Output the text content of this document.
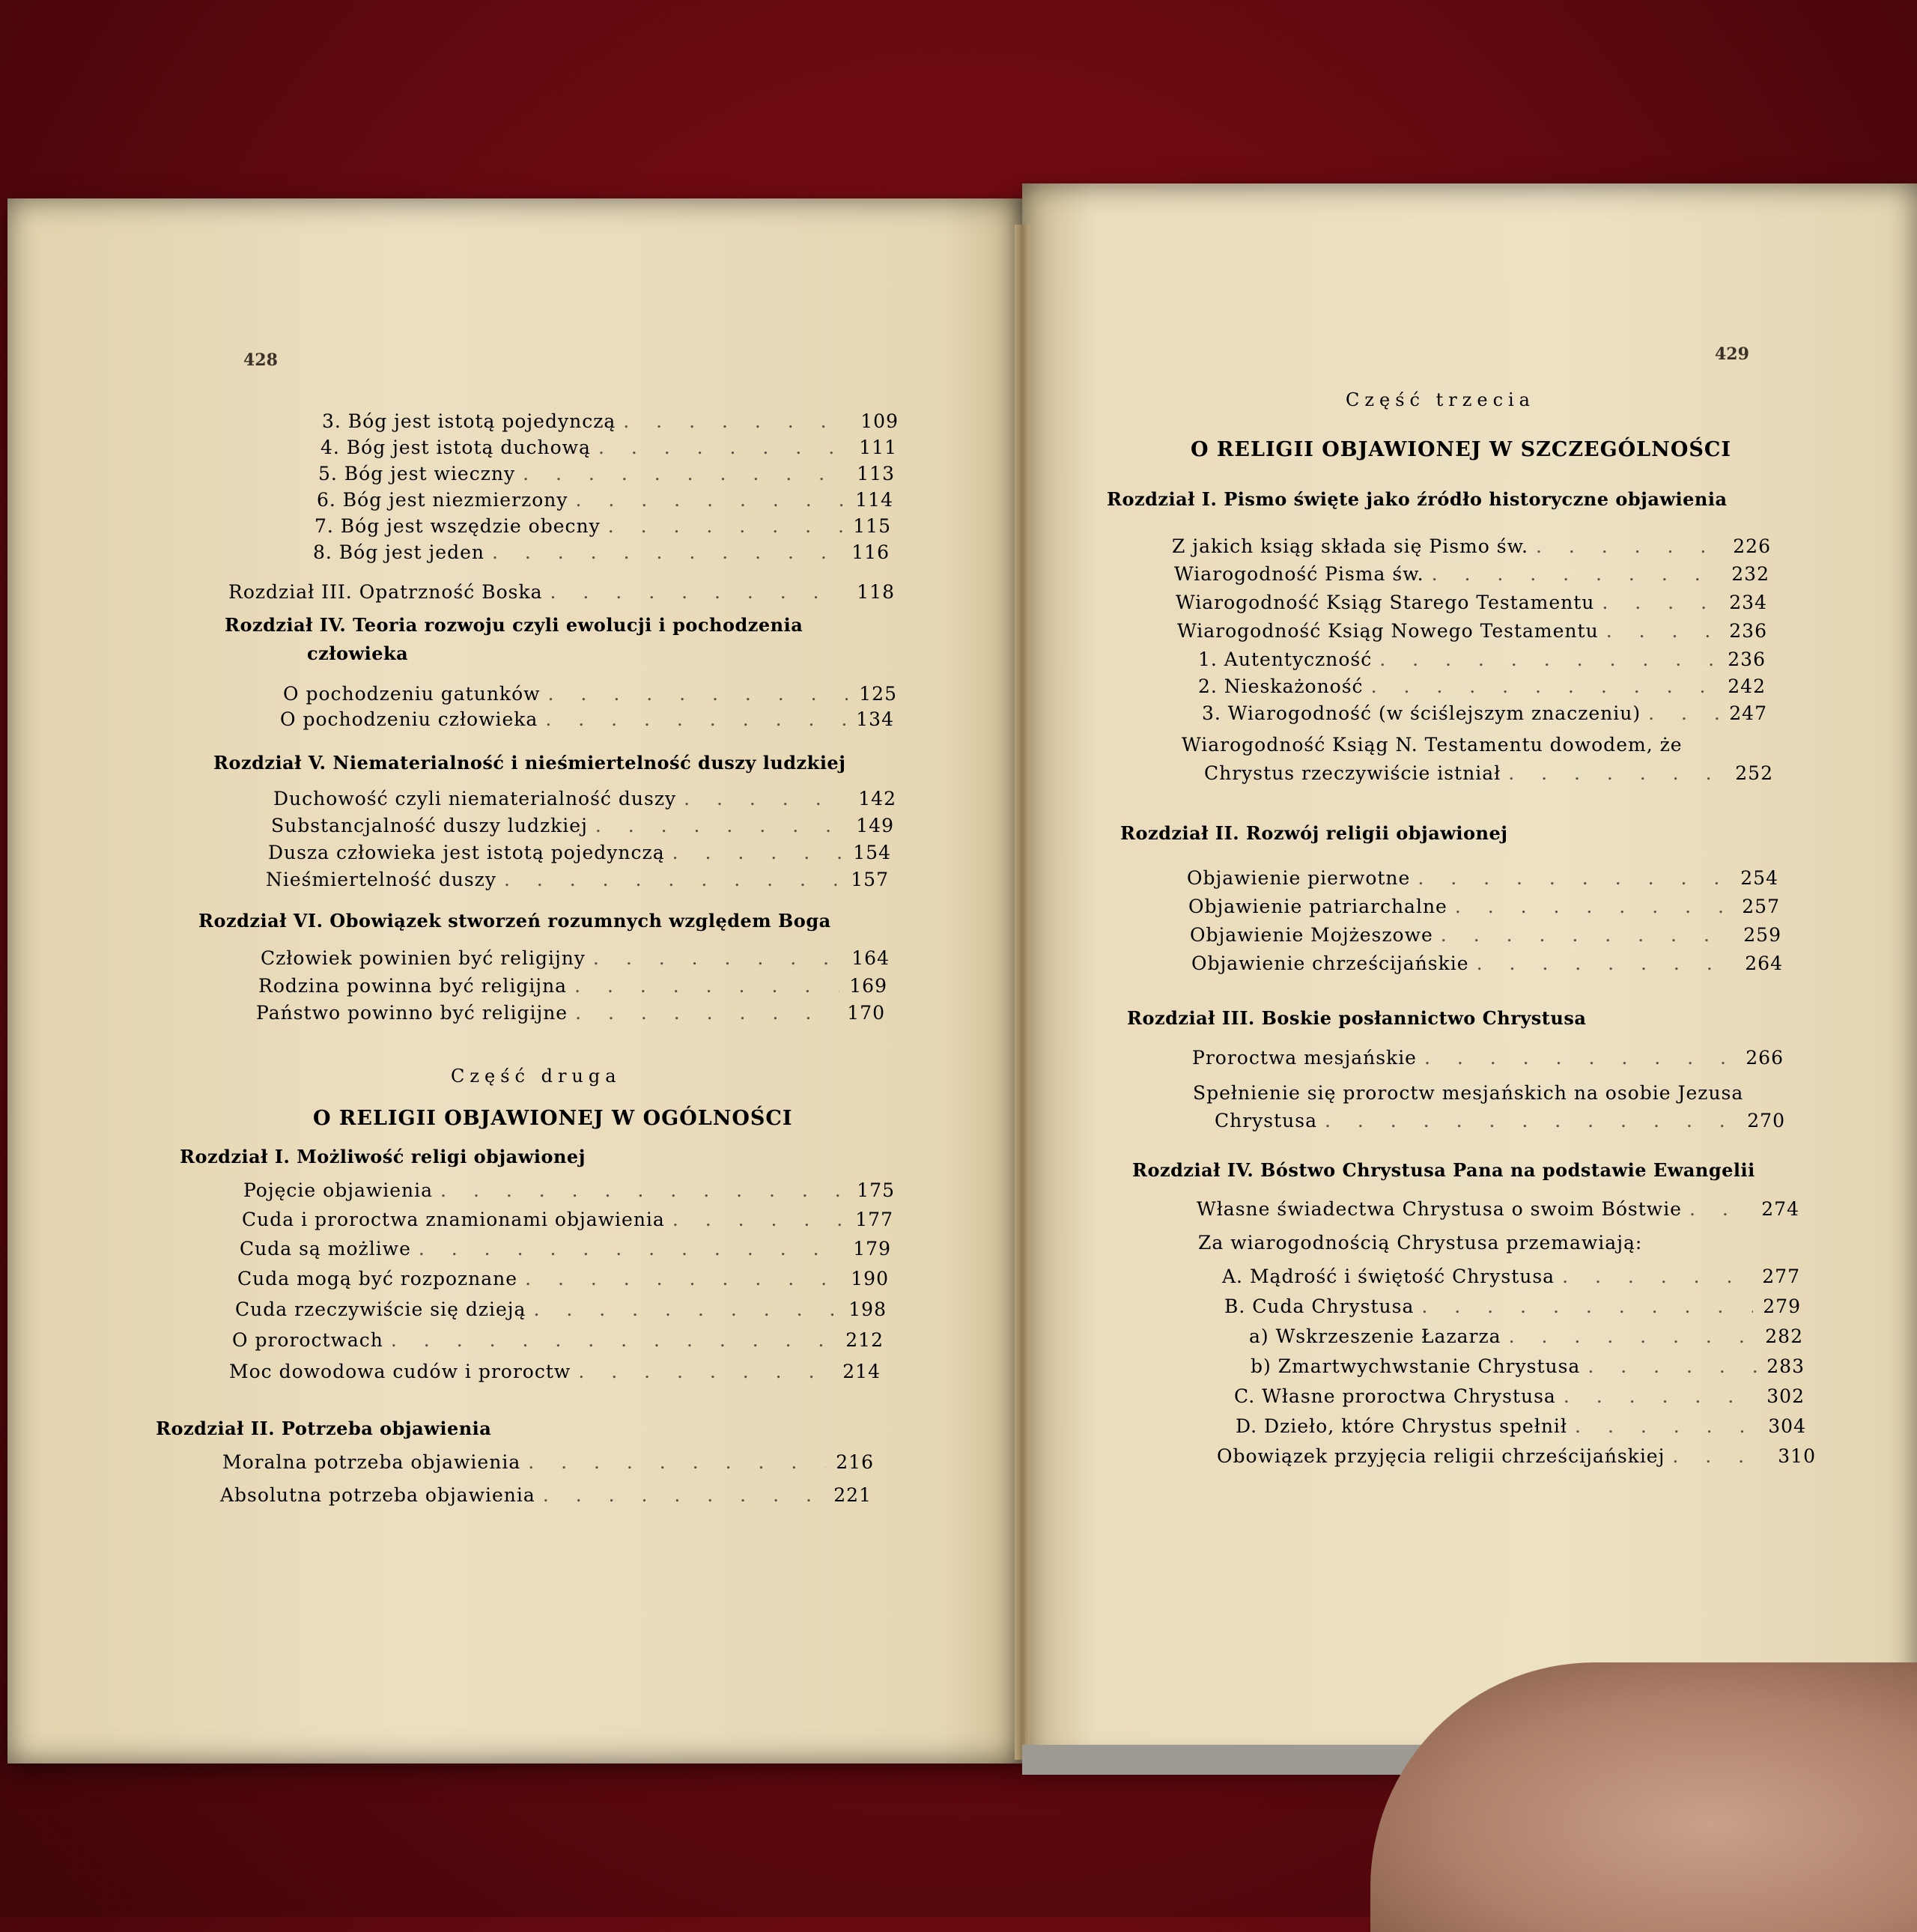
428
3. Bóg jest istotą pojedynczą . . .	109
4. Bóg jest istotą duchową . . .	111
5. Bóg jest wieczny . . .	113
6. Bóg jest niezmierzony . . .	114
7. Bóg jest wszędzie obecny . . .	115
8. Bóg jest jeden . . .	116
Rozdział III. Opatrzność Boska . . .	118
Rozdział IV. Teoria rozwoju czyli ewolucji i pochodzenia
człowieka
O pochodzeniu gatunków . . .	125
O pochodzeniu człowieka . . .	134
Rozdział V. Niematerialność i nieśmiertelność duszy ludzkiej
Duchowość czyli niematerialność duszy . . .	142
Substancjalność duszy ludzkiej . . .	149
Dusza człowieka jest istotą pojedynczą . . .	154
Nieśmiertelność duszy . . .	157
Rozdział VI. Obowiązek stworzeń rozumnych względem Boga
Człowiek powinien być religijny . . .	164
Rodzina powinna być religijna . . .	169
Państwo powinno być religijne . . .	170
Część druga
O RELIGII OBJAWIONEJ W OGÓLNOŚCI
Rozdział I. Możliwość religi objawionej
Pojęcie objawienia . . .	175
Cuda i proroctwa znamionami objawienia . . .	177
Cuda są możliwe . . .	179
Cuda mogą być rozpoznane . . .	190
Cuda rzeczywiście się dzieją . . .	198
O proroctwach . . .	212
Moc dowodowa cudów i proroctw . . .	214
Rozdział II. Potrzeba objawienia
Moralna potrzeba objawienia . . .	216
Absolutna potrzeba objawienia . . .	221
429
Część trzecia
O RELIGII OBJAWIONEJ W SZCZEGÓLNOŚCI
Rozdział I. Pismo święte jako źródło historyczne objawienia
Z jakich ksiąg składa się Pismo św. . . .	226
Wiarogodność Pisma św. . . .	232
Wiarogodność Ksiąg Starego Testamentu . . .	234
Wiarogodność Ksiąg Nowego Testamentu . . .	236
1. Autentyczność . . .	236
2. Nieskażoność . . .	242
3. Wiarogodność (w ściślejszym znaczeniu) . . .	247
Wiarogodność Ksiąg N. Testamentu dowodem, że
Chrystus rzeczywiście istniał . . .	252
Rozdział II. Rozwój religii objawionej
Objawienie pierwotne . . .	254
Objawienie patriarchalne . . .	257
Objawienie Mojżeszowe . . .	259
Objawienie chrześcijańskie . . .	264
Rozdział III. Boskie posłannictwo Chrystusa
Proroctwa mesjańskie . . .	266
Spełnienie się proroctw mesjańskich na osobie Jezusa
Chrystusa . . .	270
Rozdział IV. Bóstwo Chrystusa Pana na podstawie Ewangelii
Własne świadectwa Chrystusa o swoim Bóstwie . . .	274
Za wiarogodnością Chrystusa przemawiają:
A. Mądrość i świętość Chrystusa . . .	277
B. Cuda Chrystusa . . .	279
a) Wskrzeszenie Łazarza . . .	282
b) Zmartwychwstanie Chrystusa . . .	283
C. Własne proroctwa Chrystusa . . .	302
D. Dzieło, które Chrystus spełnił . . .	304
Obowiązek przyjęcia religii chrześcijańskiej . . .	310
